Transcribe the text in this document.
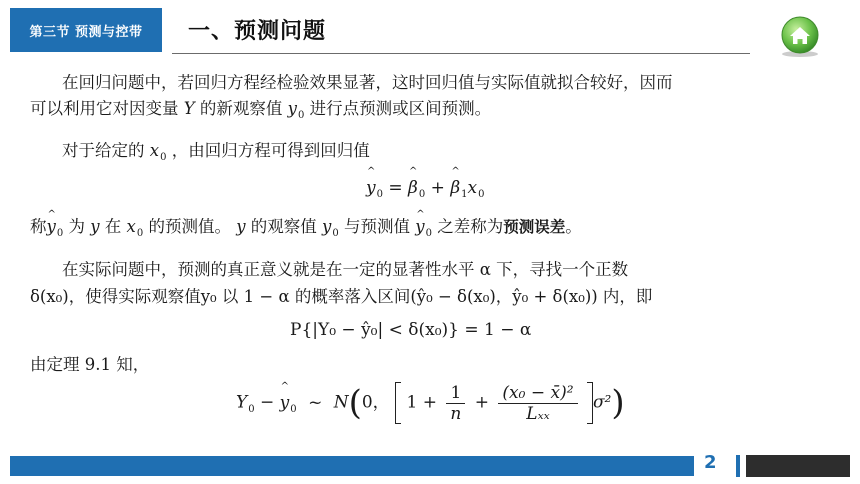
第三节 预测与控带	一、预测问题
在回归问题中，若回归方程经检验效果显著，这时回归值与实际值就拟合较好，因而
可以利用它对因变量 Y 的新观察值 $y_0$ 进行点预测或区间预测。
对于给定的 $x_0$ ，由回归方程可得到回归值
^ $y_0$ = ^ $\beta_0$ + ^ $\beta_1x_0$
称^ $y_0$ 为 y 在 $x_0$ 的预测值。 y 的观察值 $y_0$ 与预测值 ^ $y_0$ 之差称为预测误差。
在实际问题中，预测的真正意义就是在一定的显著性水平 α 下，寻找一个正数
δ(x₀)，使得实际观察值y₀ 以 1 − α 的概率落入区间(ŷ₀ − δ(x₀)，ŷ₀ + δ(x₀)) 内，即
P{|Y₀ − ŷ₀| < δ(x₀)} = 1 − α
由定理 9.1 知，
$Y_0$ − ^ $y_0$ ~ N(0， $1 + \frac{1}{n} + \frac{\text{(x₀ − x̄)²}}{\text{Lₓₓ}} \sigma^2$)
2
